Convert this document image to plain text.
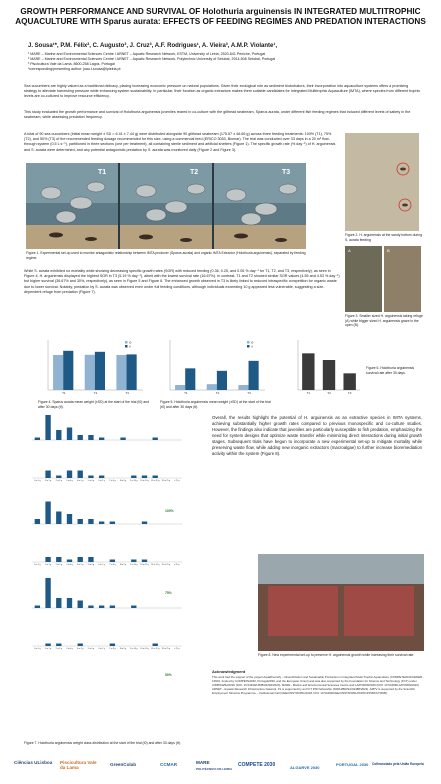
GROWTH PERFORMANCE AND SURVIVAL OF Holothuria arguinensis IN INTEGRATED MULTITROPHIC AQUACULTURE WITH Sparus aurata: EFFECTS OF FEEDING REGIMES AND PREDATION INTERACTIONS
J. Sousa¹*, P.M. Félix², C. Augusto³, J. Cruz³, A.F. Rodrigues¹, A. Vieira³, A.M.P. Violante¹,
¹ MARE – Marine and Environmental Sciences Centre / ARNET – Aquatic Research Network, ESTM, University of Leiria, 2520-641 Peniche, Portugal
² MARE – Marine and Environmental Sciences Centre / ARNET – Aquatic Research Network, Polytechnic University of Setubal, 2914-508 Setubal, Portugal
³ Piscicultura Vale da Lama, 8600-258 Lagos, Portugal
*corresponding/presenting author: joao.t.sousa@ipleiria.pt
Sea cucumbers are highly valued as a traditional delicacy, placing increasing economic pressure on natural populations. Given their ecological role as sediment bioturbators, their incorporation into aquaculture systems offers a promising strategy to alleviate harvesting pressure while enhancing system sustainability. In particular, their function as organic extractors makes them suitable candidates for Integrated Multitrophic Aquaculture (IMTA), where species from different trophic levels are co-cultured to improve resource efficiency.
This study evaluated the growth performance and survival of Holothuria arguinensis juveniles reared in co-culture with the gilthead seabream, Sparus aurata, under different fish feeding regimes that induced different levels of satiety in the seabream, while assessing predation frequency.
A total of 90 sea cucumbers (initial mean weight ± SD = 6.41 ± 7.44 g) were distributed alongside 90 gilthead seabream (175.57 ± 46.66 g) across three feeding treatments: 100% (T1), 75% (T2), and 50% (T3) of the recommended feeding dosage recommended for this size, using a commercial feed (ERICO 3053, Biomar). The trial was conducted over 33 days in a 20 m³ flow-through system (0.5 L s⁻¹), partitioned in three sections (one per treatment), all containing sterile sediment and artificial shelters (Figure 1). The specific growth rate (% day⁻¹) of H. arguinensis and S. aurata were determined, and any potential antagonistic predation by S. aurata was monitored daily (Figure 2 and Figure 3).
T1	T2	T3
Figure 1. Experimental set-up used to monitor antagonistic relationship between IMTA producer (Sparus aurata) and organic IMTA Extractor (Holothuria arguinensis), separated by feeding regime.
Figure 2. H. arguinensis at the sandy bottom during S. aurata feeding
A	B
Figure 3. Smaller sized H. arguinensis taking refuge (A) while bigger sized H. arguinensis graze in the open (B).
While S. aurata exhibited no mortality while showing decreasing specific growth rates (SGR) with reduced feeding (0.36, 0.25, and 0.05 % day⁻¹ for T1, T2, and T3, respectively), as seen in Figure 4, H. arguinensis displayed the highest SGR in T3 (5.19 % day⁻¹), albeit with the lowest survival rate (16.67%). In contrast, T1 and T2 showed similar SGR values (4.55 and 4.53 % day⁻¹) but higher survival (36.67% and 30%, respectively), as seen in Figure 5 and Figure 6. The enhanced growth observed in T3 is likely linked to reduced intraspecific competition for organic waste due to lower survival. Notably, predation by S. aurata was observed even under full feeding conditions, although individuals exceeding 10 g appeared less vulnerable, suggesting a size-dependent refuge from predation (Figure 7).
T1	T2	T3
t0
tf
Figure 4. Sparus aurata mean weight (±SD) at the start of the trial (t0) and after 30 days (tf).
T1	T2	T3
t0
tf
Figure 5. Holothuria arguinensis mean weight (±SD) at the start of the trial (t0) and after 30 days (tf).
T1	T2	T3
Figure 6. Holothuria arguinensis survival rate after 30 days.
0 to 1 g 1 to 2 g 2 to 3 g 3 to 4 g 4 to 5 g 5 to 6 g 6 to 7 g 7 to 8 g 8 to 9 g 9 to 10 g 10 to 15 g 15 to 20 g 20 to 25 g > 25 g
0 to 1 g 1 to 2 g 2 to 3 g 3 to 4 g 4 to 5 g 5 to 6 g 6 to 7 g 7 to 8 g 8 to 9 g 9 to 10 g 10 to 15 g 15 to 20 g 20 to 25 g > 25 g
0 to 1 g 1 to 2 g 2 to 3 g 3 to 4 g 4 to 5 g 5 to 6 g 6 to 7 g 7 to 8 g 8 to 9 g 9 to 10 g 10 to 15 g 15 to 20 g 20 to 25 g > 25 g
100%
75%
50%
Figure 7. Holothuria arguinensis weight class distribution at the start of the trial (t0) and after 33 days (tf).
Overall, the results highlight the potential of H. arguinensis as an extractive species in IMTA systems, achieving substantially higher growth rates compared to previous monospecific and co-culture studies. However, the findings also indicate that juveniles are particularly susceptible to fish predation, emphasizing the need for system designs that optimize waste transfer while minimizing direct interactions during initial growth stages. Subsequent trials have begun to incorporate a new experimental set-up to mitigate mortality while preserving waste flow, while adding new inorganic extractors (macroalgae) to further increase bioremediation activity within the system (Figure 8).
Figure 8. New experimental set-up to preserve H. arguinensis growth while increasing their survival rate.
Acknowledgment
This work had the support of the project AquaDiversify – Diversification and Sustainable Production in Integrated Multi-Trophic Aquaculture (COMPETE2030-FEDER - 16516, funded by COMPETE2030, Portugal2030, and the European Union) and was also supported by the Foundation for Science and Technology (FCT) under UIDB/04292/2020 (DOI: 10.54499/UIDB/04292/2020), MARE - Marine and Environmental Sciences Centre and LA/P/0069/2020 (DOI: 10.54499/LA/P/0069/2020) ARNET - Aquatic Research Infrastructure Network. JS is supported by an FCT PhD fellowship (SFRH/BD/NA/02488/2023). APPV is supported by the Scientific Employment Stimulus Programme – Institutional Call (CEECINST/00051/2018, DOI: 10.54499/CEECINST/00051/2018/CP1566/CT0005).
Ciências ULisboa	Piscicultura Vale da Lama
GreenColab	CCMAR	MARE
POLITÉCNICO DE LEIRIA
COMPETE 2030	ALGARVE 2030
PORTUGAL 2030 Cofinanciado pela União Europeia
